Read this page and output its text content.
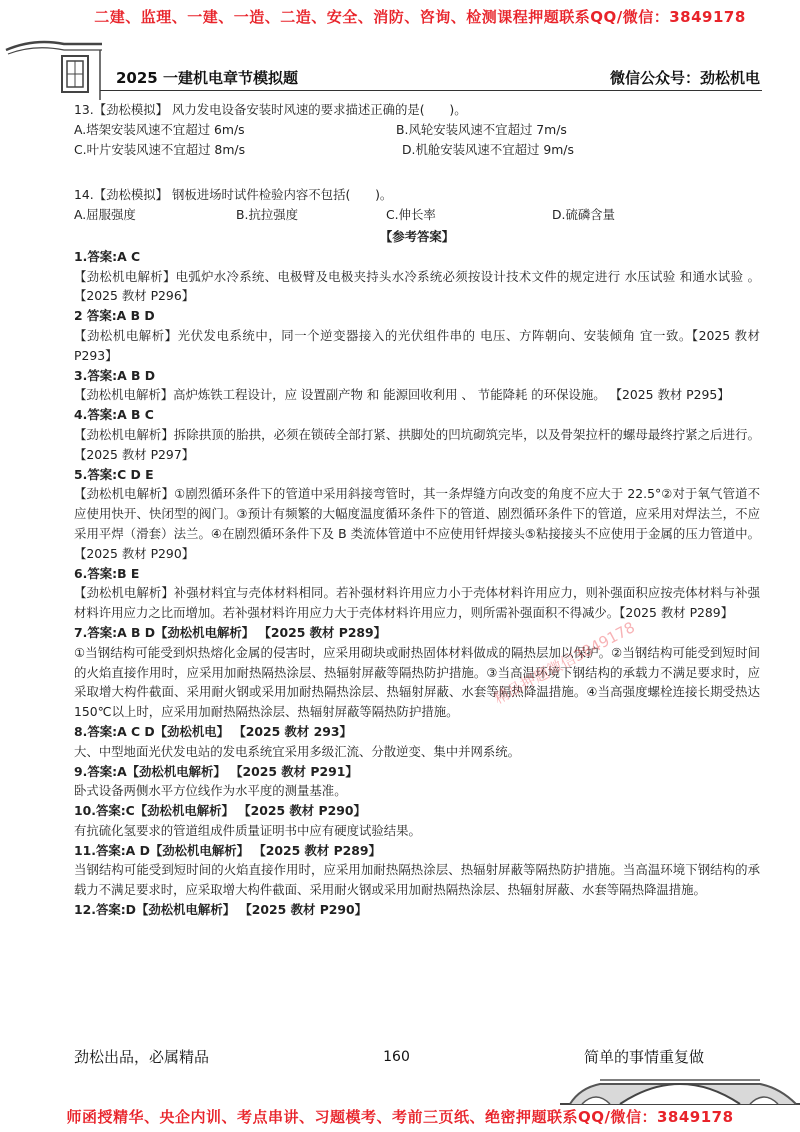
二建、监理、一建、一造、二造、安全、消防、咨询、检测课程押题联系QQ/微信：3849178
2025 一建机电章节模拟题	微信公众号：劲松机电

13.【劲松模拟】 风力发电设备安装时风速的要求描述正确的是(　　)。

A.塔架安装风速不宜超过 6m/s	B.风轮安装风速不宜超过 7m/s
C.叶片安装风速不宜超过 8m/s	D.机舱安装风速不宜超过 9m/s

14.【劲松模拟】 钢板进场时试件检验内容不包括(　　)。

A.屈服强度	B.抗拉强度	C.伸长率	D.硫磷含量

【参考答案】

1.答案:A C

【劲松机电解析】电弧炉水冷系统、电极臂及电极夹持头水冷系统必须按设计技术文件的规定进行 水压试验 和通水试验 。 【2025 教材 P296】

2 答案:A B D

【劲松机电解析】光伏发电系统中，同一个逆变器接入的光伏组件串的 电压、方阵朝向、安装倾角 宜一致。【2025 教材 P293】

3.答案:A B D

【劲松机电解析】高炉炼铁工程设计，应 设置副产物 和 能源回收利用 、 节能降耗 的环保设施。 【2025 教材 P295】

4.答案:A B C

【劲松机电解析】拆除拱顶的胎拱，必须在锁砖全部打紧、拱脚处的凹坑砌筑完毕，以及骨架拉杆的螺母最终拧紧之后进行。【2025 教材 P297】

5.答案:C D E

【劲松机电解析】①剧烈循环条件下的管道中采用斜接弯管时，其一条焊缝方向改变的角度不应大于 22.5°②对于氧气管道不应使用快开、快闭型的阀门。③预计有频繁的大幅度温度循环条件下的管道、剧烈循环条件下的管道，应采用对焊法兰，不应采用平焊（滑套）法兰。④在剧烈循环条件下及 B 类流体管道中不应使用钎焊接头⑤粘接接头不应使用于金属的压力管道中。 【2025 教材 P290】

6.答案:B E

【劲松机电解析】补强材料宜与壳体材料相同。若补强材料许用应力小于壳体材料许用应力，则补强面积应按壳体材料与补强材料许用应力之比而增加。若补强材料许用应力大于壳体材料许用应力，则所需补强面积不得减少。【2025 教材 P289】

7.答案:A B D【劲松机电解析】 【2025 教材 P289】

①当钢结构可能受到炽热熔化金属的侵害时，应采用砌块或耐热固体材料做成的隔热层加以保护。②当钢结构可能受到短时间的火焰直接作用时，应采用加耐热隔热涂层、热辐射屏蔽等隔热防护措施。③当高温环境下钢结构的承载力不满足要求时，应采取增大构件截面、采用耐火钢或采用加耐热隔热涂层、热辐射屏蔽、水套等隔热降温措施。④当高强度螺栓连接长期受热达 150℃以上时，应采用加耐热隔热涂层、热辐射屏蔽等隔热防护措施。

8.答案:A C D【劲松机电】 【2025 教材 293】

大、中型地面光伏发电站的发电系统宜采用多级汇流、分散逆变、集中并网系统。

9.答案:A【劲松机电解析】 【2025 教材 P291】

卧式设备两侧水平方位线作为水平度的测量基准。

10.答案:C【劲松机电解析】 【2025 教材 P290】

有抗硫化氢要求的管道组成件质量证明书中应有硬度试验结果。

11.答案:A D【劲松机电解析】 【2025 教材 P289】

当钢结构可能受到短时间的火焰直接作用时，应采用加耐热隔热涂层、热辐射屏蔽等隔热防护措施。当高温环境下钢结构的承载力不满足要求时，应采取增大构件截面、采用耐火钢或采用加耐热隔热涂层、热辐射屏蔽、水套等隔热降温措施。

12.答案:D【劲松机电解析】 【2025 教材 P290】

精品押题微信3849178
劲松出品，必属精品	160	简单的事情重复做
师函授精华、央企内训、考点串讲、习题模考、考前三页纸、绝密押题联系QQ/微信：3849178
